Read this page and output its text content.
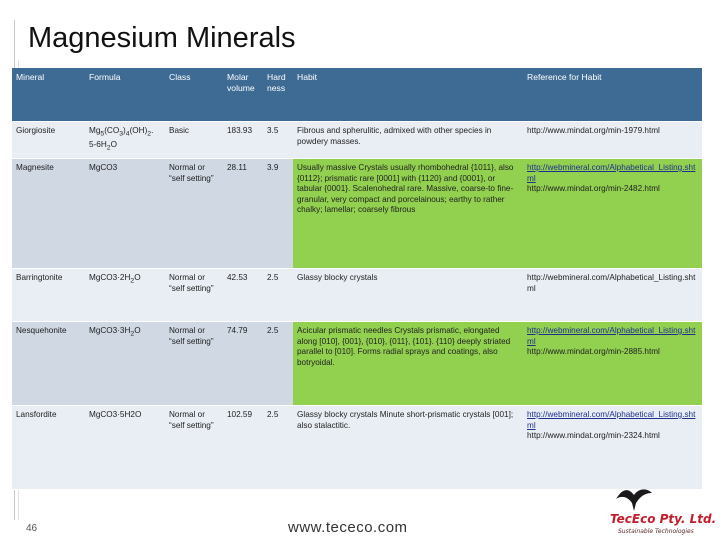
Magnesium Minerals
Mineral	Formula	Class	Molar volume	Hard ness	Habit	Reference for Habit
Giorgiosite	$Mg_5(CO_3)_4(OH)_2$. $5-6H_2O$	Basic	183.93	3.5	Fibrous and spherulitic, admixed with other species in powdery masses.	http://www.mindat.org/min-1979.html
Magnesite	MgCO3	Normal or “self setting”	28.11	3.9	Usually massive Crystals usually rhombohedral {1011}, also {0112}; prismatic rare [0001] with {1120} and {0001}, or tabular {0001}. Scalenohedral rare. Massive, coarse-to fine-granular, very compact and porcelainous; earthy to rather chalky; lamellar; coarsely fibrous	http://webmineral.com/Alphabetical_Listing.shtml
http://www.mindat.org/min-2482.html
Barringtonite	$MgCO3\cdot 2H_2O$	Normal or “self setting”	42.53	2.5	Glassy blocky crystals	http://webmineral.com/Alphabetical_Listing.shtml
Nesquehonite	$MgCO3\cdot 3H_2O$	Normal or “self setting”	74.79	2.5	Acicular prismatic needles Crystals prismatic, elongated along [010], {001}, {010}, {011}, {101}. {110} deeply striated parallel to [010]. Forms radial sprays and coatings, also botryoidal.	http://webmineral.com/Alphabetical_Listing.shtml
http://www.mindat.org/min-2885.html
Lansfordite	MgCO3·5H2O	Normal or “self setting”	102.59	2.5	Glassy blocky crystals Minute short-prismatic crystals [001]; also stalactitic.	http://webmineral.com/Alphabetical_Listing.shtml
http://www.mindat.org/min-2324.html
46	www.tececo.com	TecEco Pty. Ltd.
Sustainable Technologies
